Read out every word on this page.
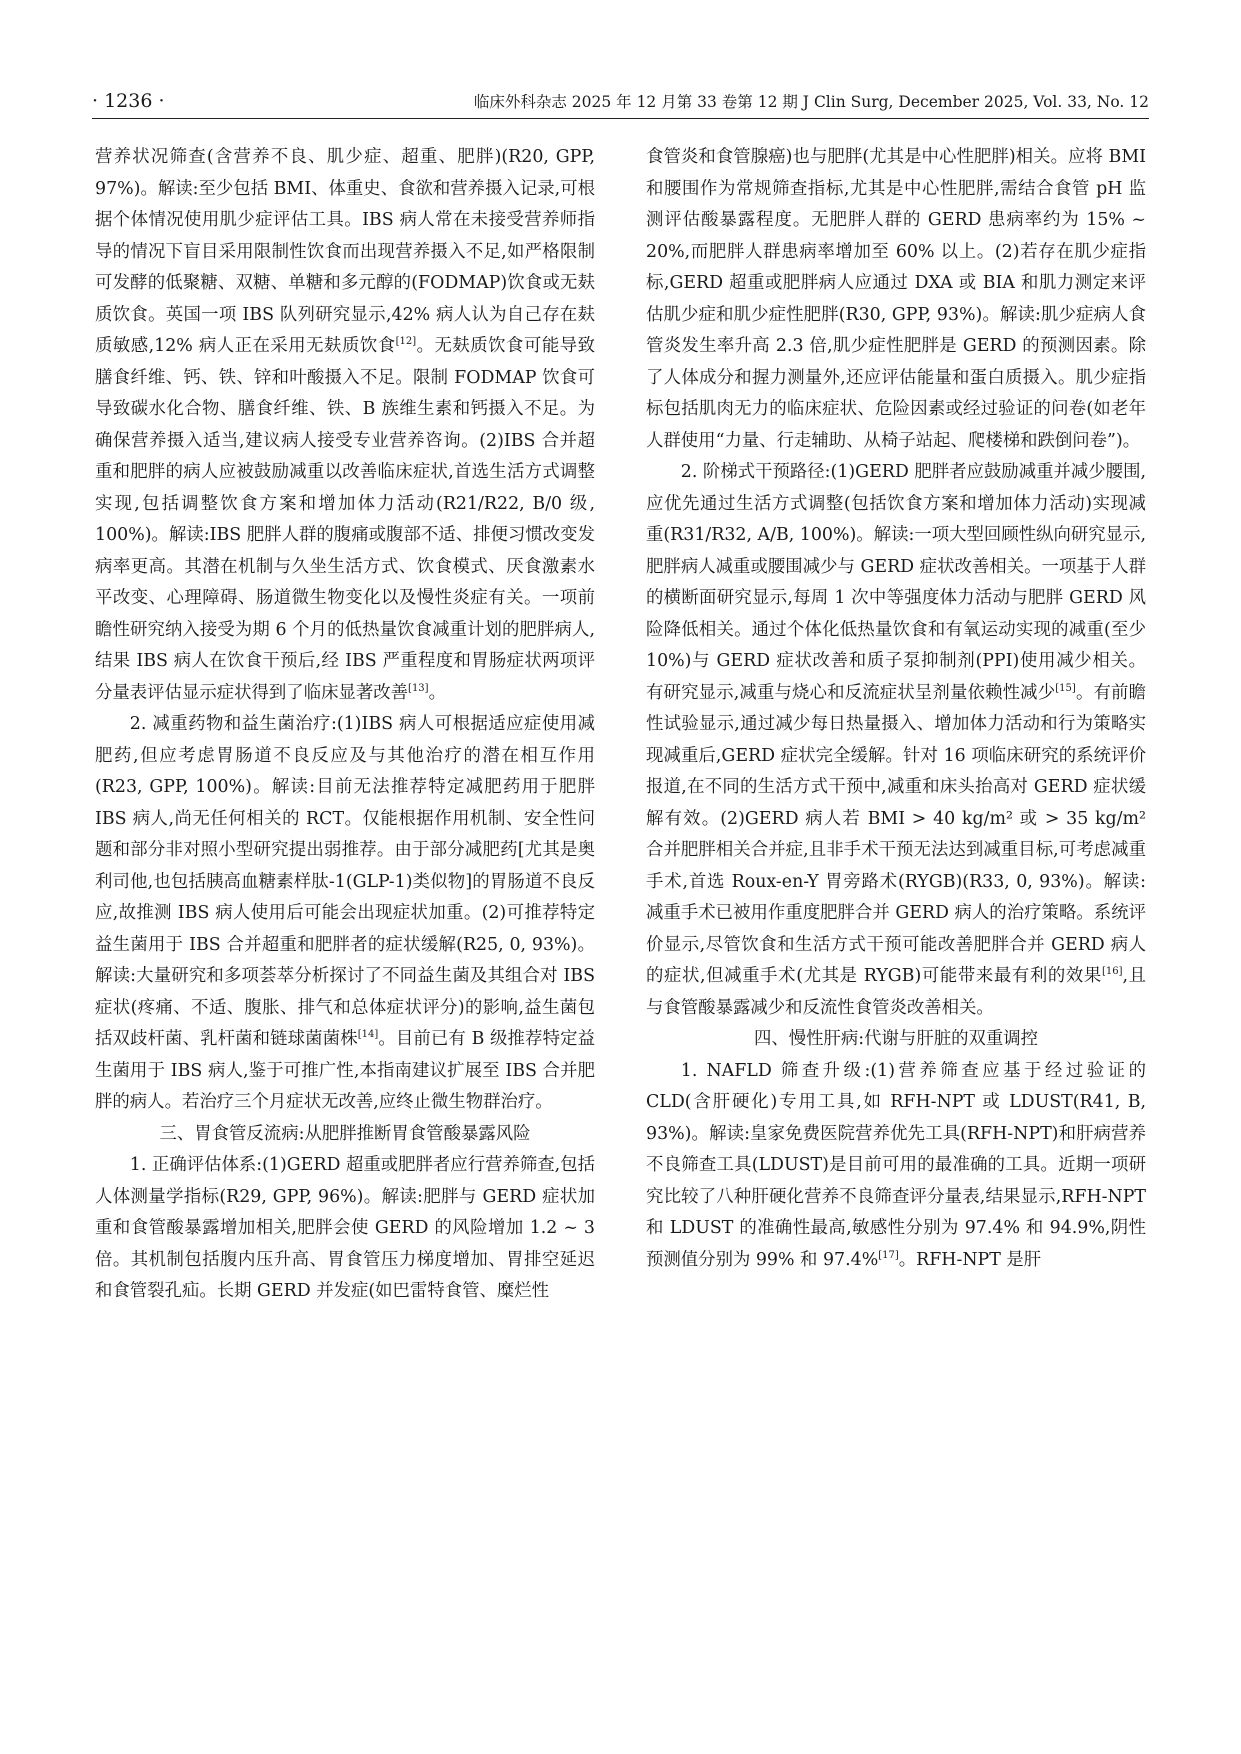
· 1236 ·	临床外科杂志 2025 年 12 月第 33 卷第 12 期 J Clin Surg, December 2025, Vol. 33, No. 12

营养状况筛查(含营养不良、肌少症、超重、肥胖)(R20, GPP, 97%)。解读:至少包括 BMI、体重史、食欲和营养摄入记录,可根据个体情况使用肌少症评估工具。IBS 病人常在未接受营养师指导的情况下盲目采用限制性饮食而出现营养摄入不足,如严格限制可发酵的低聚糖、双糖、单糖和多元醇的(FODMAP)饮食或无麸质饮食。英国一项 IBS 队列研究显示,42% 病人认为自己存在麸质敏感,12% 病人正在采用无麸质饮食[12]。无麸质饮食可能导致膳食纤维、钙、铁、锌和叶酸摄入不足。限制 FODMAP 饮食可导致碳水化合物、膳食纤维、铁、B 族维生素和钙摄入不足。为确保营养摄入适当,建议病人接受专业营养咨询。(2)IBS 合并超重和肥胖的病人应被鼓励减重以改善临床症状,首选生活方式调整实现,包括调整饮食方案和增加体力活动(R21/R22, B/0 级, 100%)。解读:IBS 肥胖人群的腹痛或腹部不适、排便习惯改变发病率更高。其潜在机制与久坐生活方式、饮食模式、厌食激素水平改变、心理障碍、肠道微生物变化以及慢性炎症有关。一项前瞻性研究纳入接受为期 6 个月的低热量饮食减重计划的肥胖病人,结果 IBS 病人在饮食干预后,经 IBS 严重程度和胃肠症状两项评分量表评估显示症状得到了临床显著改善[13]。

2. 减重药物和益生菌治疗:(1)IBS 病人可根据适应症使用减肥药,但应考虑胃肠道不良反应及与其他治疗的潜在相互作用(R23, GPP, 100%)。解读:目前无法推荐特定减肥药用于肥胖 IBS 病人,尚无任何相关的 RCT。仅能根据作用机制、安全性问题和部分非对照小型研究提出弱推荐。由于部分减肥药[尤其是奥利司他,也包括胰高血糖素样肽-1(GLP-1)类似物]的胃肠道不良反应,故推测 IBS 病人使用后可能会出现症状加重。(2)可推荐特定益生菌用于 IBS 合并超重和肥胖者的症状缓解(R25, 0, 93%)。解读:大量研究和多项荟萃分析探讨了不同益生菌及其组合对 IBS 症状(疼痛、不适、腹胀、排气和总体症状评分)的影响,益生菌包括双歧杆菌、乳杆菌和链球菌菌株[14]。目前已有 B 级推荐特定益生菌用于 IBS 病人,鉴于可推广性,本指南建议扩展至 IBS 合并肥胖的病人。若治疗三个月症状无改善,应终止微生物群治疗。

三、胃食管反流病:从肥胖推断胃食管酸暴露风险

1. 正确评估体系:(1)GERD 超重或肥胖者应行营养筛查,包括人体测量学指标(R29, GPP, 96%)。解读:肥胖与 GERD 症状加重和食管酸暴露增加相关,肥胖会使 GERD 的风险增加 1.2 ~ 3 倍。其机制包括腹内压升高、胃食管压力梯度增加、胃排空延迟和食管裂孔疝。长期 GERD 并发症(如巴雷特食管、糜烂性

食管炎和食管腺癌)也与肥胖(尤其是中心性肥胖)相关。应将 BMI 和腰围作为常规筛查指标,尤其是中心性肥胖,需结合食管 pH 监测评估酸暴露程度。无肥胖人群的 GERD 患病率约为 15% ~ 20%,而肥胖人群患病率增加至 60% 以上。(2)若存在肌少症指标,GERD 超重或肥胖病人应通过 DXA 或 BIA 和肌力测定来评估肌少症和肌少症性肥胖(R30, GPP, 93%)。解读:肌少症病人食管炎发生率升高 2.3 倍,肌少症性肥胖是 GERD 的预测因素。除了人体成分和握力测量外,还应评估能量和蛋白质摄入。肌少症指标包括肌肉无力的临床症状、危险因素或经过验证的问卷(如老年人群使用“力量、行走辅助、从椅子站起、爬楼梯和跌倒问卷”)。

2. 阶梯式干预路径:(1)GERD 肥胖者应鼓励减重并减少腰围,应优先通过生活方式调整(包括饮食方案和增加体力活动)实现减重(R31/R32, A/B, 100%)。解读:一项大型回顾性纵向研究显示,肥胖病人减重或腰围减少与 GERD 症状改善相关。一项基于人群的横断面研究显示,每周 1 次中等强度体力活动与肥胖 GERD 风险降低相关。通过个体化低热量饮食和有氧运动实现的减重(至少 10%)与 GERD 症状改善和质子泵抑制剂(PPI)使用减少相关。有研究显示,减重与烧心和反流症状呈剂量依赖性减少[15]。有前瞻性试验显示,通过减少每日热量摄入、增加体力活动和行为策略实现减重后,GERD 症状完全缓解。针对 16 项临床研究的系统评价报道,在不同的生活方式干预中,减重和床头抬高对 GERD 症状缓解有效。(2)GERD 病人若 BMI > 40 kg/m² 或 > 35 kg/m² 合并肥胖相关合并症,且非手术干预无法达到减重目标,可考虑减重手术,首选 Roux-en-Y 胃旁路术(RYGB)(R33, 0, 93%)。解读:减重手术已被用作重度肥胖合并 GERD 病人的治疗策略。系统评价显示,尽管饮食和生活方式干预可能改善肥胖合并 GERD 病人的症状,但减重手术(尤其是 RYGB)可能带来最有利的效果[16],且与食管酸暴露减少和反流性食管炎改善相关。

四、慢性肝病:代谢与肝脏的双重调控

1. NAFLD 筛查升级:(1)营养筛查应基于经过验证的 CLD(含肝硬化)专用工具,如 RFH-NPT 或 LDUST(R41, B, 93%)。解读:皇家免费医院营养优先工具(RFH-NPT)和肝病营养不良筛查工具(LDUST)是目前可用的最准确的工具。近期一项研究比较了八种肝硬化营养不良筛查评分量表,结果显示,RFH-NPT 和 LDUST 的准确性最高,敏感性分别为 97.4% 和 94.9%,阴性预测值分别为 99% 和 97.4%[17]。RFH-NPT 是肝
